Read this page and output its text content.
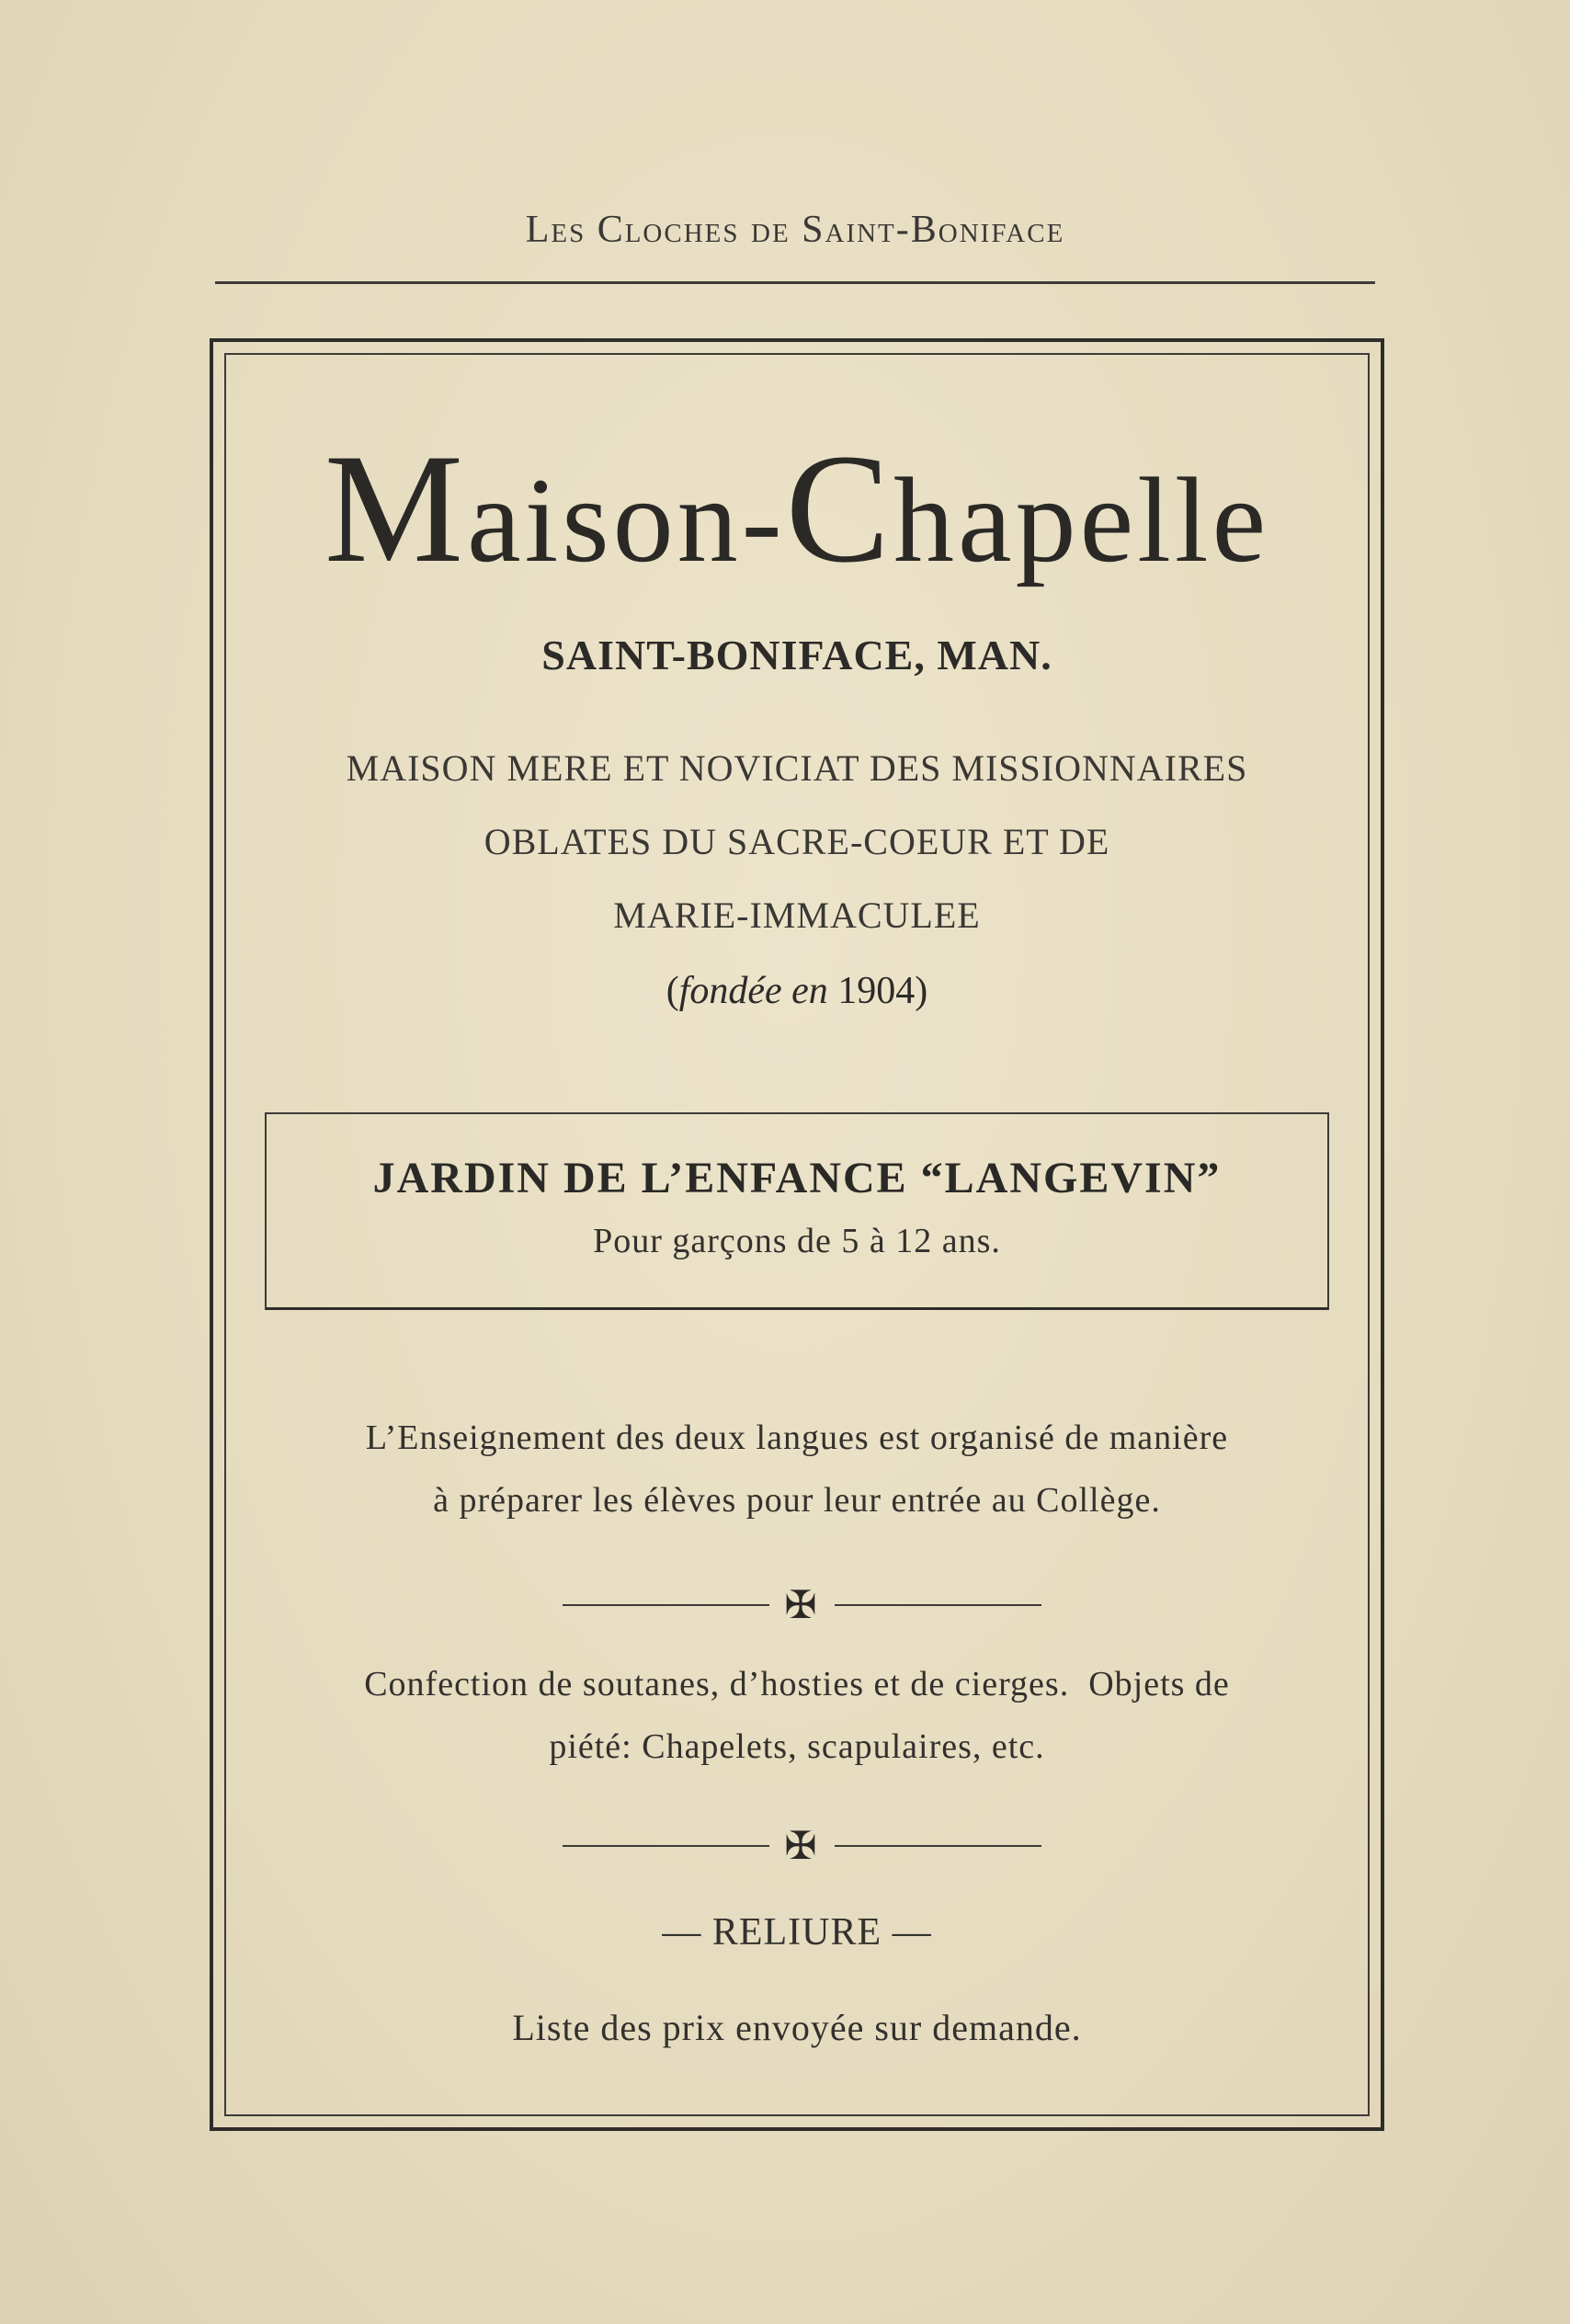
Les Cloches de Saint-Boniface
Maison-Chapelle
SAINT-BONIFACE, MAN.
MAISON MERE ET NOVICIAT DES MISSIONNAIRES
OBLATES DU SACRE-COEUR ET DE
MARIE-IMMACULEE
(fondée en 1904)
JARDIN DE L’ENFANCE “LANGEVIN”
Pour garçons de 5 à 12 ans.
L’Enseignement des deux langues est organisé de manière
à préparer les élèves pour leur entrée au Collège.
✠
Confection de soutanes, d’hosties et de cierges.  Objets de
piété: Chapelets, scapulaires, etc.
✠
— RELIURE —
Liste des prix envoyée sur demande.
